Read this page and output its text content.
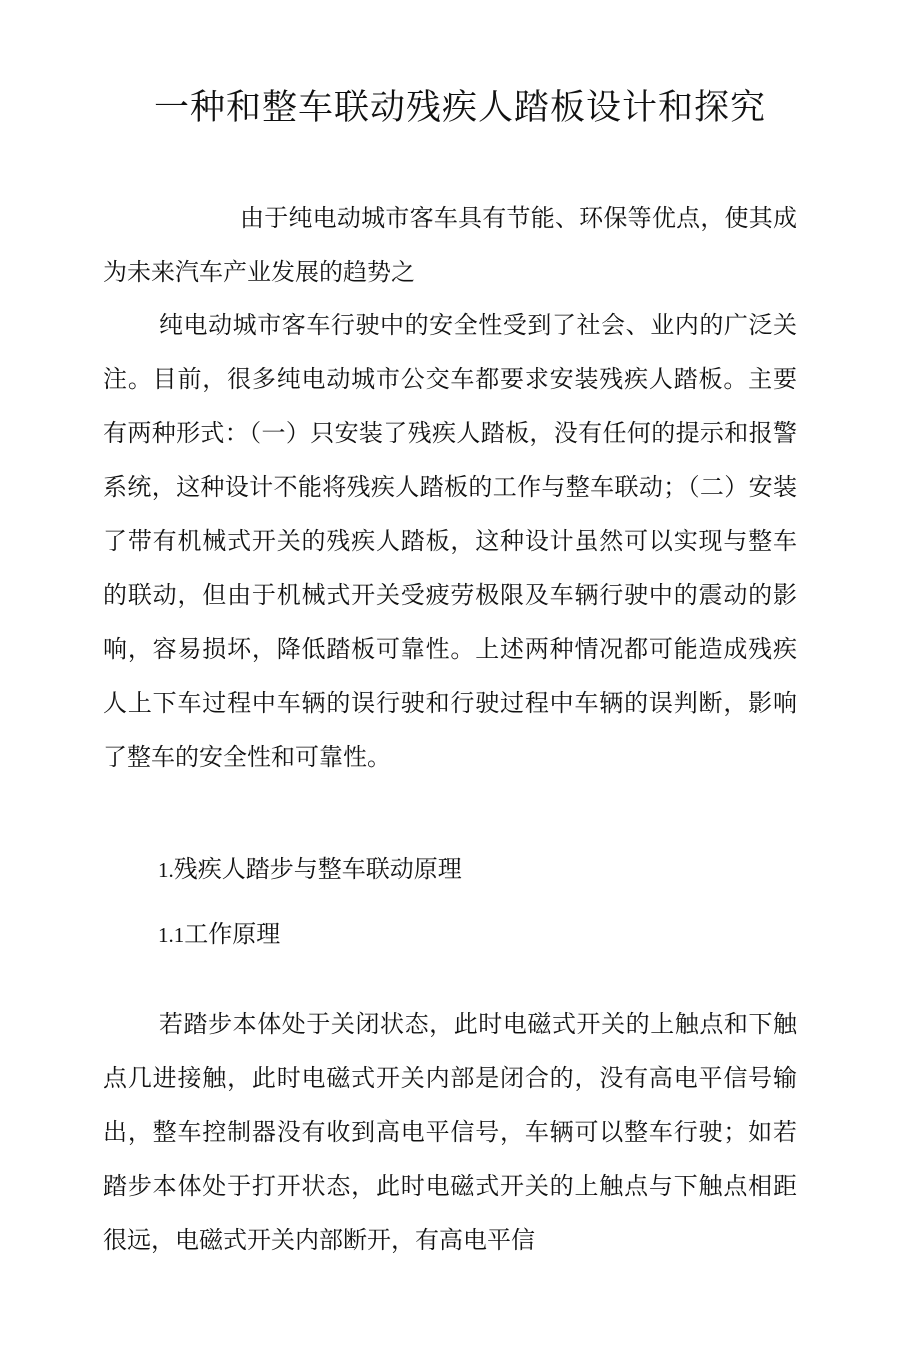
一种和整车联动残疾人踏板设计和探究

由于纯电动城市客车具有节能、环保等优点，使其成为未来汽车产业发展的趋势之

纯电动城市客车行驶中的安全性受到了社会、业内的广泛关注。目前，很多纯电动城市公交车都要求安装残疾人踏板。主要有两种形式：（一）只安装了残疾人踏板，没有任何的提示和报警系统，这种设计不能将残疾人踏板的工作与整车联动；（二）安装了带有机械式开关的残疾人踏板，这种设计虽然可以实现与整车的联动，但由于机械式开关受疲劳极限及车辆行驶中的震动的影响，容易损坏，降低踏板可靠性。上述两种情况都可能造成残疾人上下车过程中车辆的误行驶和行驶过程中车辆的误判断，影响了整车的安全性和可靠性。

1.残疾人踏步与整车联动原理
1.1工作原理

若踏步本体处于关闭状态，此时电磁式开关的上触点和下触点几进接触，此时电磁式开关内部是闭合的，没有高电平信号输出，整车控制器没有收到高电平信号，车辆可以整车行驶；如若踏步本体处于打开状态，此时电磁式开关的上触点与下触点相距很远，电磁式开关内部断开，有高电平信
